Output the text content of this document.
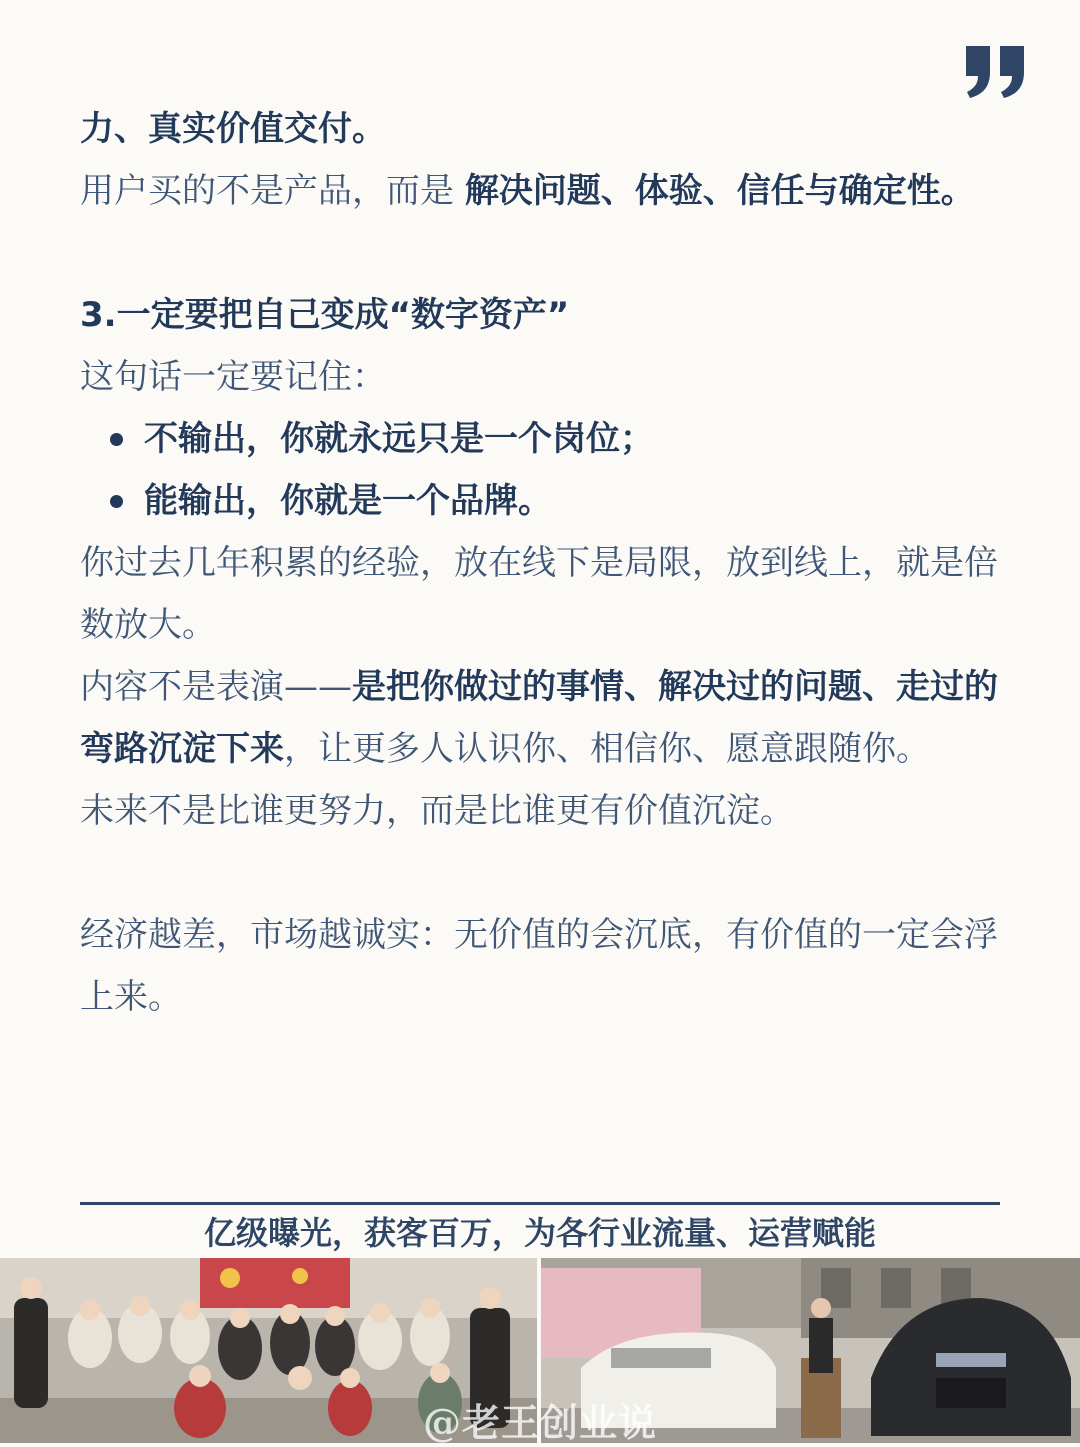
力、真实价值交付。

用户买的不是产品，而是 解决问题、体验、信任与确定性。

3.一定要把自己变成“数字资产”

这句话一定要记住：

不输出，你就永远只是一个岗位；
能输出，你就是一个品牌。

你过去几年积累的经验，放在线下是局限，放到线上，就是倍数放大。

内容不是表演——是把你做过的事情、解决过的问题、走过的弯路沉淀下来，让更多人认识你、相信你、愿意跟随你。

未来不是比谁更努力，而是比谁更有价值沉淀。

经济越差，市场越诚实：无价值的会沉底，有价值的一定会浮上来。

亿级曝光，获客百万，为各行业流量、运营赋能
@老王创业说
